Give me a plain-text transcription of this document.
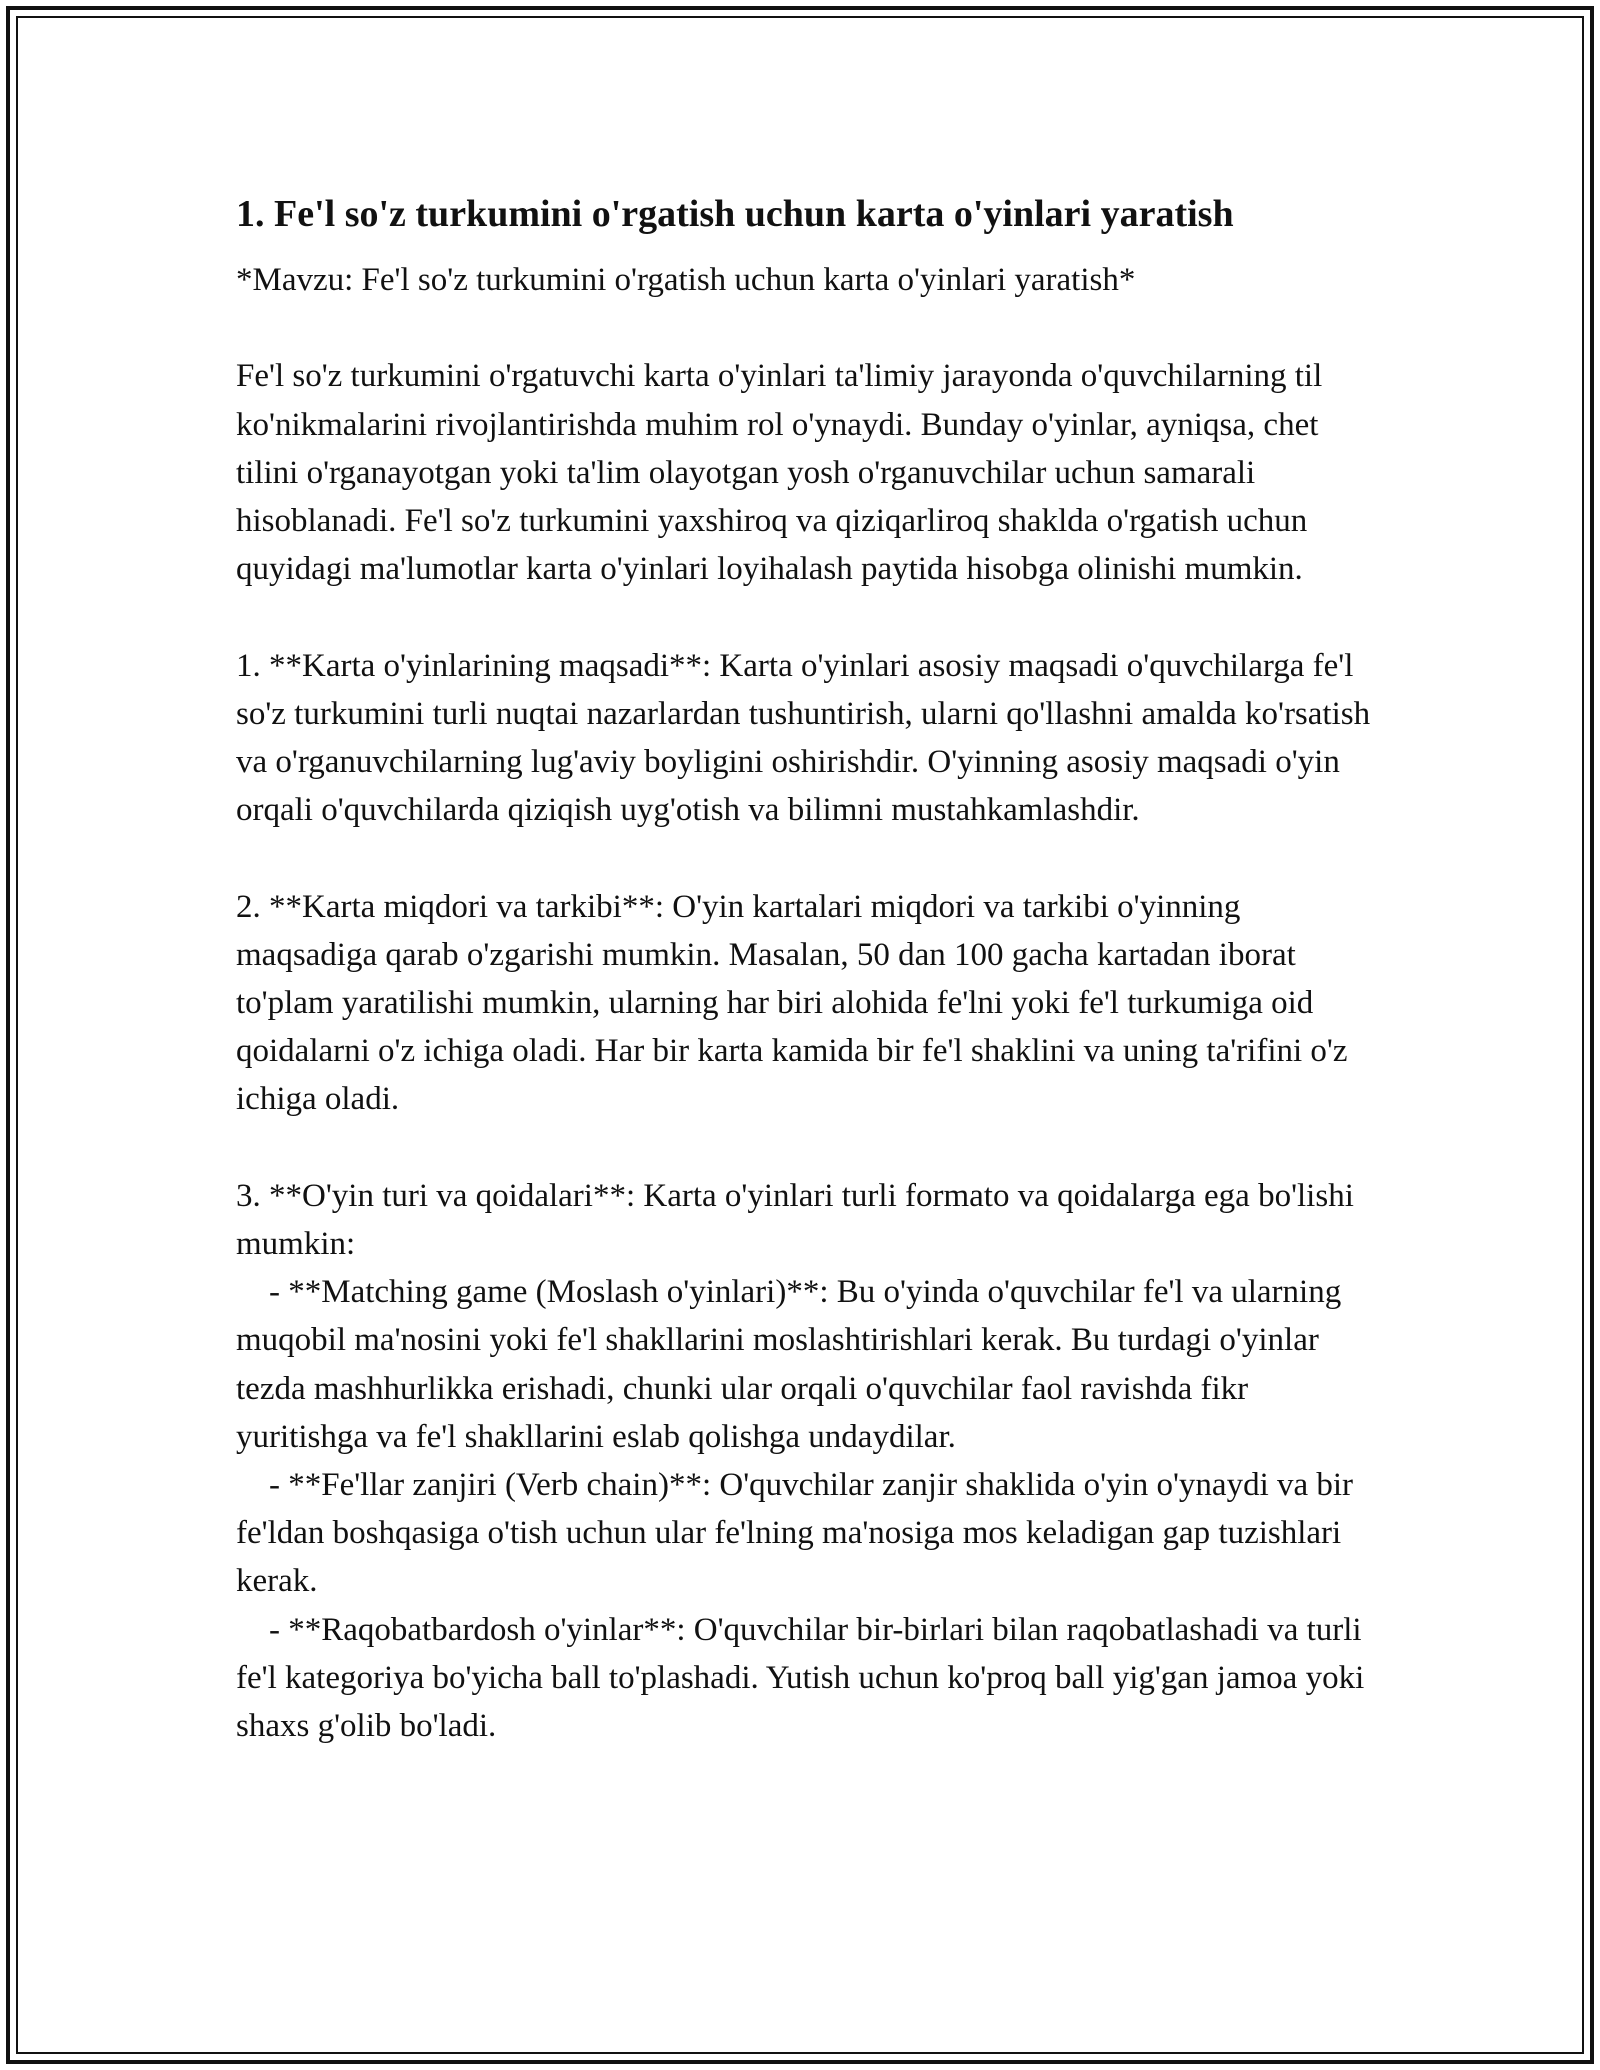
1. Fe'l so'z turkumini o'rgatish uchun karta o'yinlari yaratish

*Mavzu: Fe'l so'z turkumini o'rgatish uchun karta o'yinlari yaratish*

Fe'l so'z turkumini o'rgatuvchi karta o'yinlari ta'limiy jarayonda o'quvchilarning til ko'nikmalarini rivojlantirishda muhim rol o'ynaydi. Bunday o'yinlar, ayniqsa, chet tilini o'rganayotgan yoki ta'lim olayotgan yosh o'rganuvchilar uchun samarali hisoblanadi. Fe'l so'z turkumini yaxshiroq va qiziqarliroq shaklda o'rgatish uchun quyidagi ma'lumotlar karta o'yinlari loyihalash paytida hisobga olinishi mumkin.

1. **Karta o'yinlarining maqsadi**: Karta o'yinlari asosiy maqsadi o'quvchilarga fe'l so'z turkumini turli nuqtai nazarlardan tushuntirish, ularni qo'llashni amalda ko'rsatish va o'rganuvchilarning lug'aviy boyligini oshirishdir. O'yinning asosiy maqsadi o'yin orqali o'quvchilarda qiziqish uyg'otish va bilimni mustahkamlashdir.

2. **Karta miqdori va tarkibi**: O'yin kartalari miqdori va tarkibi o'yinning maqsadiga qarab o'zgarishi mumkin. Masalan, 50 dan 100 gacha kartadan iborat to'plam yaratilishi mumkin, ularning har biri alohida fe'lni yoki fe'l turkumiga oid qoidalarni o'z ichiga oladi. Har bir karta kamida bir fe'l shaklini va uning ta'rifini o'z ichiga oladi.

3. **O'yin turi va qoidalari**: Karta o'yinlari turli formato va qoidalarga ega bo'lishi mumkin:

- **Matching game (Moslash o'yinlari)**: Bu o'yinda o'quvchilar fe'l va ularning muqobil ma'nosini yoki fe'l shakllarini moslashtirishlari kerak. Bu turdagi o'yinlar tezda mashhurlikka erishadi, chunki ular orqali o'quvchilar faol ravishda fikr yuritishga va fe'l shakllarini eslab qolishga undaydilar.

- **Fe'llar zanjiri (Verb chain)**: O'quvchilar zanjir shaklida o'yin o'ynaydi va bir fe'ldan boshqasiga o'tish uchun ular fe'lning ma'nosiga mos keladigan gap tuzishlari kerak.

- **Raqobatbardosh o'yinlar**: O'quvchilar bir-birlari bilan raqobatlashadi va turli fe'l kategoriya bo'yicha ball to'plashadi. Yutish uchun ko'proq ball yig'gan jamoa yoki shaxs g'olib bo'ladi.
